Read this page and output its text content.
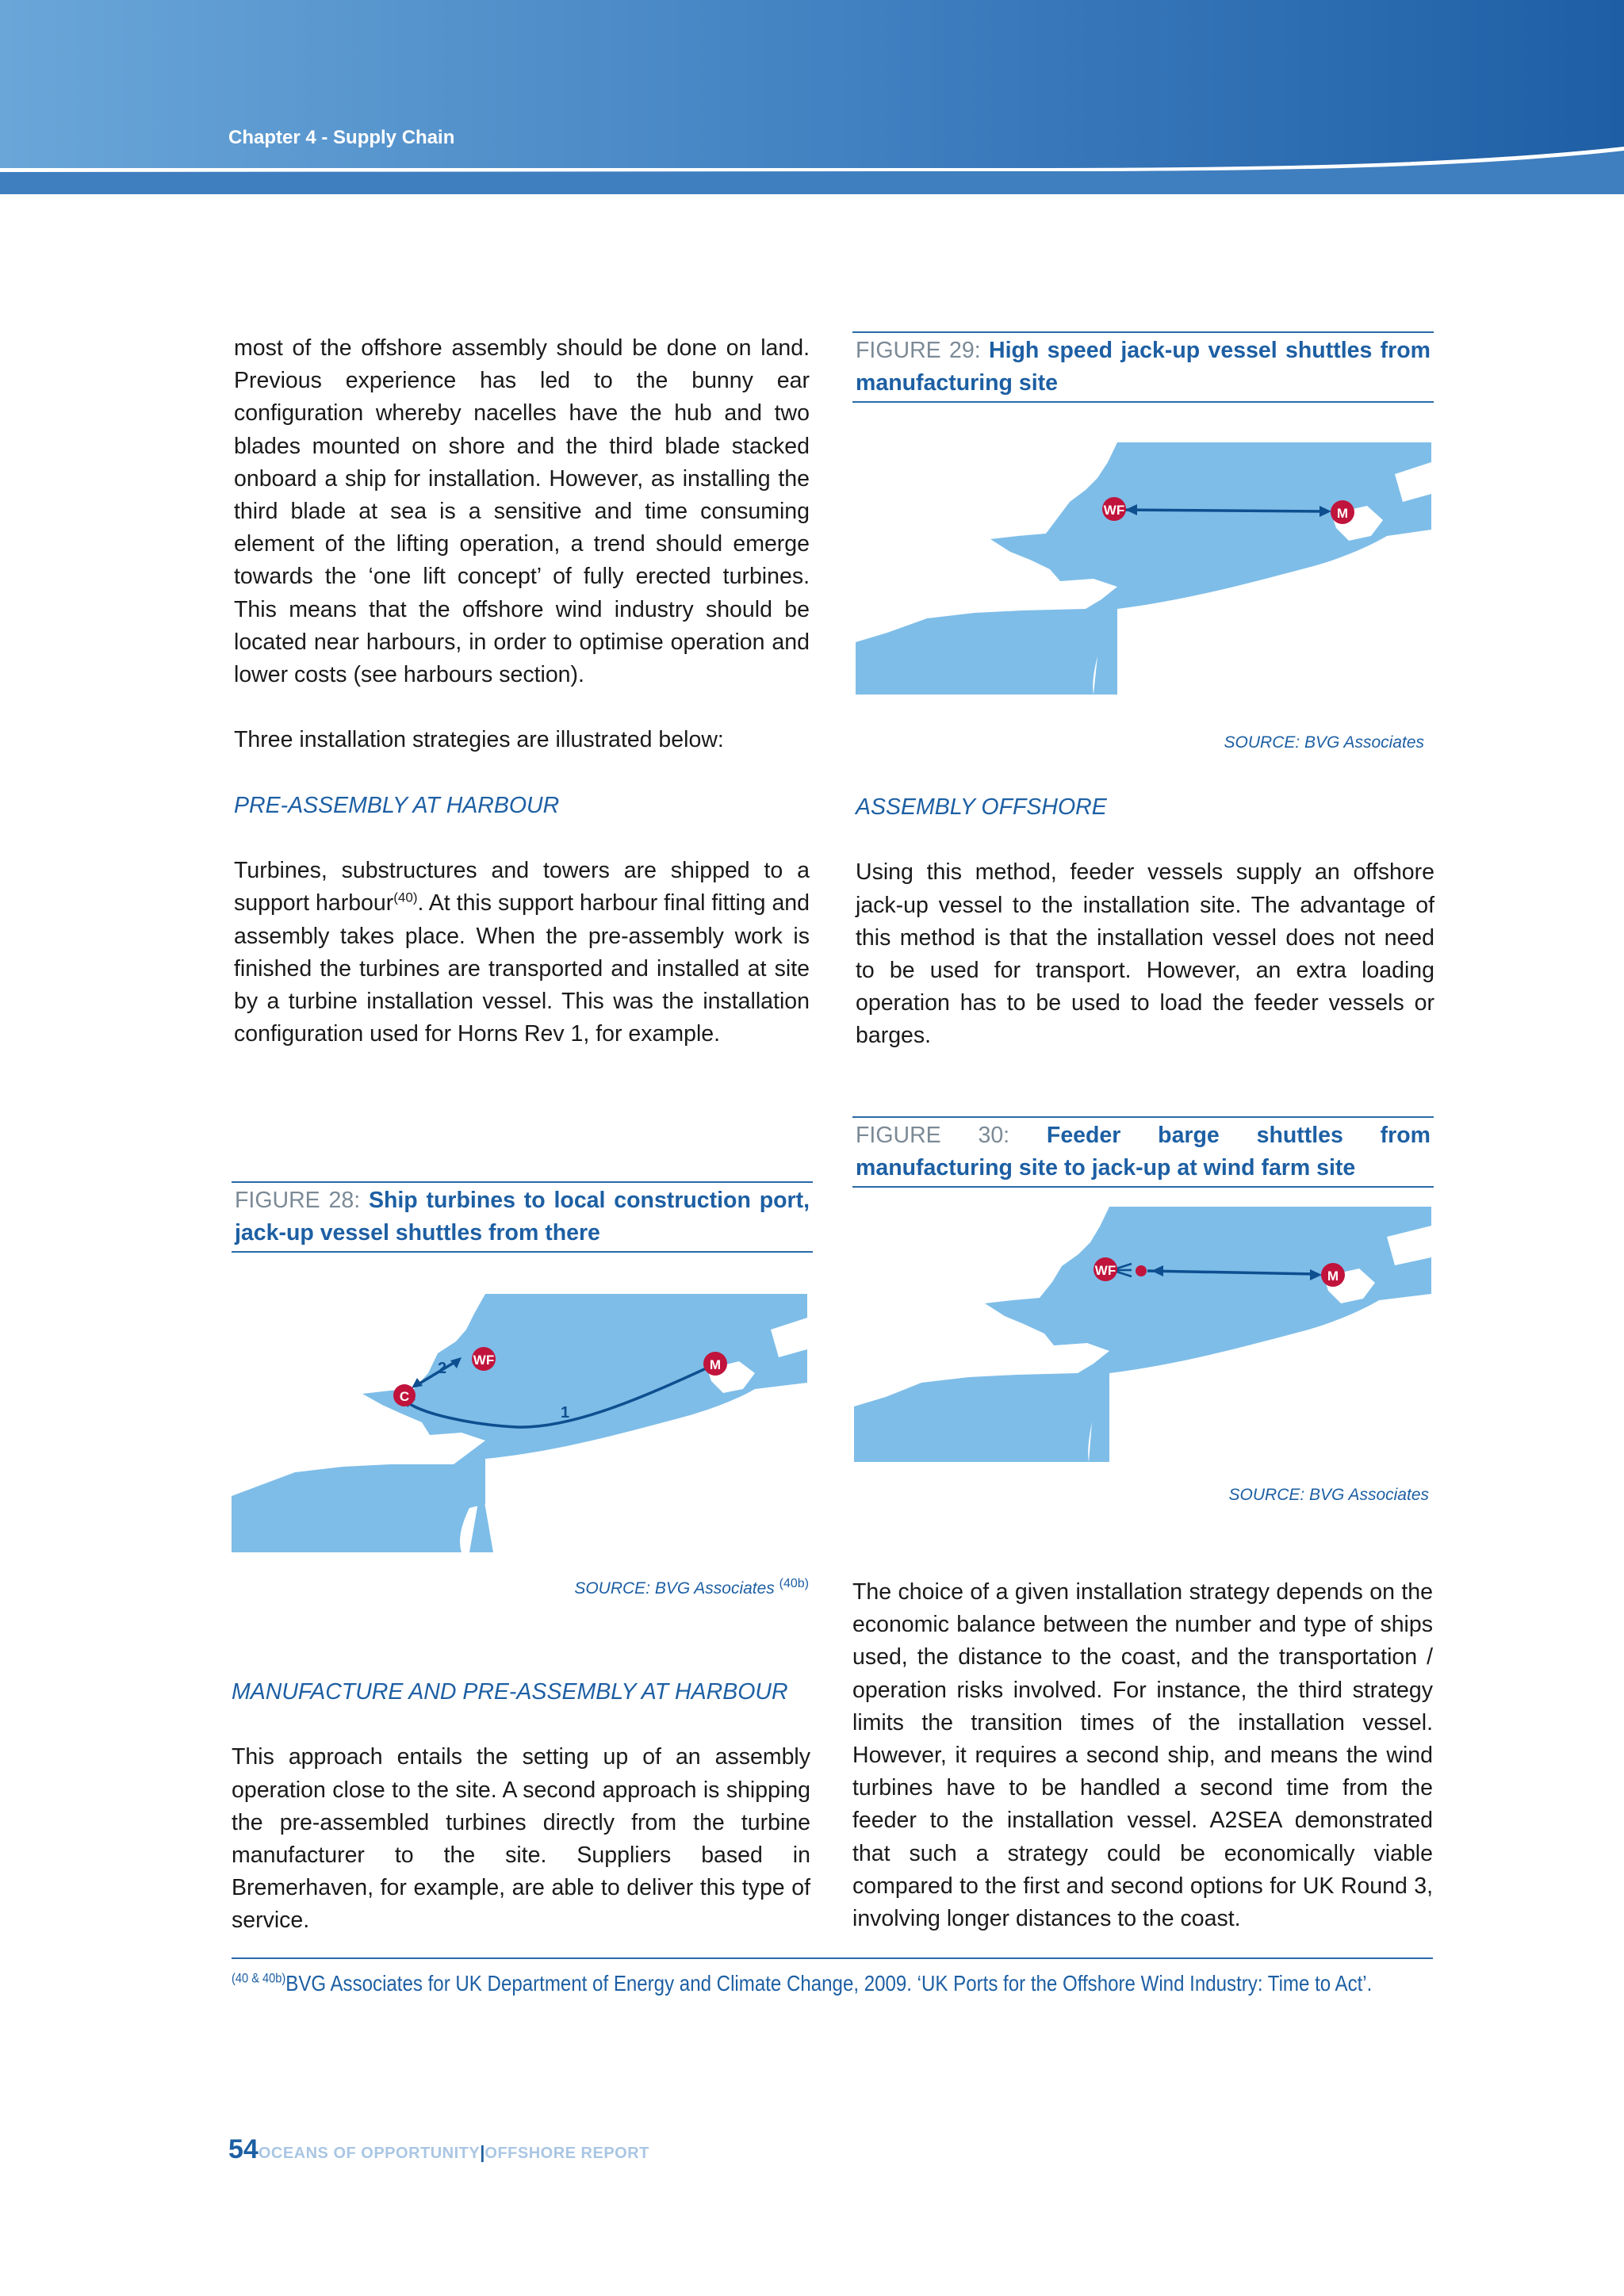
Chapter 4 - Supply Chain

most of the offshore assembly should be done on land. Previous experience has led to the bunny ear configuration whereby nacelles have the hub and two blades mounted on shore and the third blade stacked onboard a ship for installation. However, as installing the third blade at sea is a sensitive and time consuming element of the lifting operation, a trend should emerge towards the ‘one lift concept’ of fully erected turbines. This means that the offshore wind industry should be located near harbours, in order to optimise operation and lower costs (see harbours section).

Three installation strategies are illustrated below:

PRE-ASSEMBLY AT HARBOUR

Turbines, substructures and towers are shipped to a support harbour$^{(40)}$. At this support harbour final fitting and assembly takes place. When the pre-assembly work is finished the turbines are transported and installed at site by a turbine installation vessel. This was the installation configuration used for Horns Rev 1, for example.

FIGURE 28: Ship turbines to local construction port, jack-up vessel shuttles from there
2
1
WF
C
M
SOURCE: BVG Associates $^{(40b)}$

MANUFACTURE AND PRE-ASSEMBLY AT HARBOUR

This approach entails the setting up of an assembly operation close to the site. A second approach is shipping the pre-assembled turbines directly from the turbine manufacturer to the site. Suppliers based in Bremerhaven, for example, are able to deliver this type of service.

FIGURE 29: High speed jack-up vessel shuttles from manufacturing site
WF	M
SOURCE: BVG Associates

ASSEMBLY OFFSHORE

Using this method, feeder vessels supply an offshore jack-up vessel to the installation site. The advantage of this method is that the installation vessel does not need to be used for transport. However, an extra loading operation has to be used to load the feeder vessels or barges.

FIGURE 30: Feeder barge shuttles from manufacturing site to jack-up at wind farm site
WF	M
SOURCE: BVG Associates

The choice of a given installation strategy depends on the economic balance between the number and type of ships used, the distance to the coast, and the transportation / operation risks involved. For instance, the third strategy limits the transition times of the installation vessel. However, it requires a second ship, and means the wind turbines have to be handled a second time from the feeder to the installation vessel. A2SEA demonstrated that such a strategy could be economically viable compared to the first and second options for UK Round 3, involving longer distances to the coast.

$^{(40 \& 40b)}$BVG Associates for UK Department of Energy and Climate Change, 2009. ‘UK Ports for the Offshore Wind Industry: Time to Act’.
54OCEANS OF OPPORTUNITY|OFFSHORE REPORT
